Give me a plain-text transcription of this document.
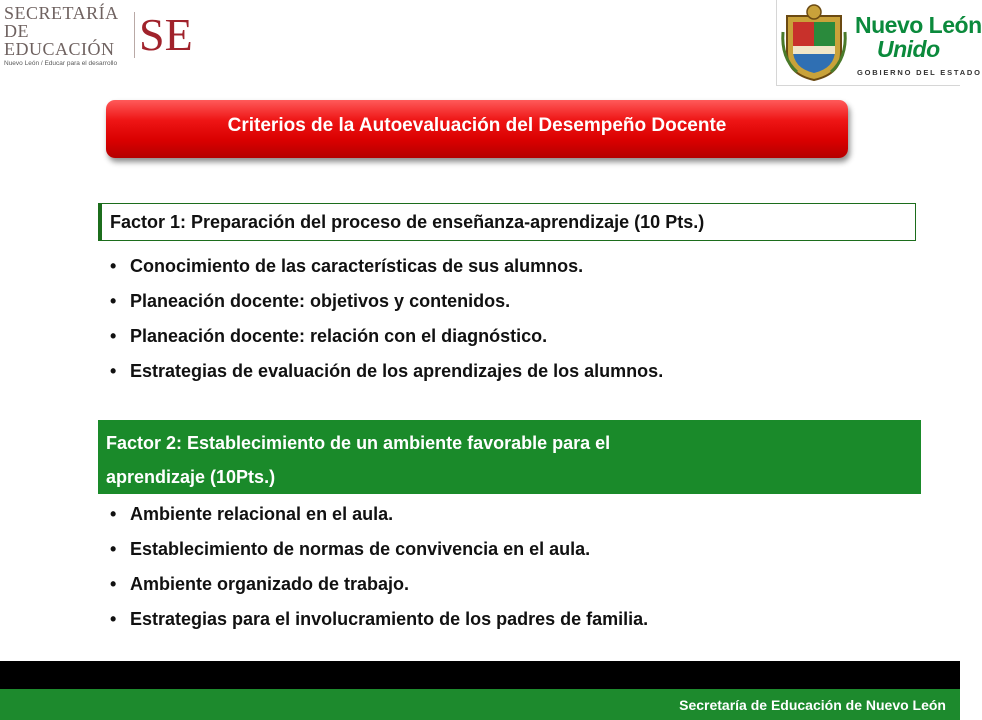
SECRETARÍA
DE EDUCACIÓN
Nuevo León / Educar para el desarrollo
SE	Nuevo León
Unido
GOBIERNO DEL ESTADO
Criterios de la Autoevaluación del Desempeño Docente
Factor 1: Preparación del proceso de enseñanza-aprendizaje (10 Pts.)
• Conocimiento de las características de sus alumnos.
• Planeación docente: objetivos y contenidos.
• Planeación docente: relación con el diagnóstico.
• Estrategias de evaluación de los aprendizajes de los alumnos.
Factor 2: Establecimiento de un ambiente favorable para el
aprendizaje (10Pts.)
• Ambiente relacional en el aula.
• Establecimiento de normas de convivencia en el aula.
• Ambiente organizado de trabajo.
• Estrategias para el involucramiento de los padres de familia.
Secretaría de Educación de Nuevo León
